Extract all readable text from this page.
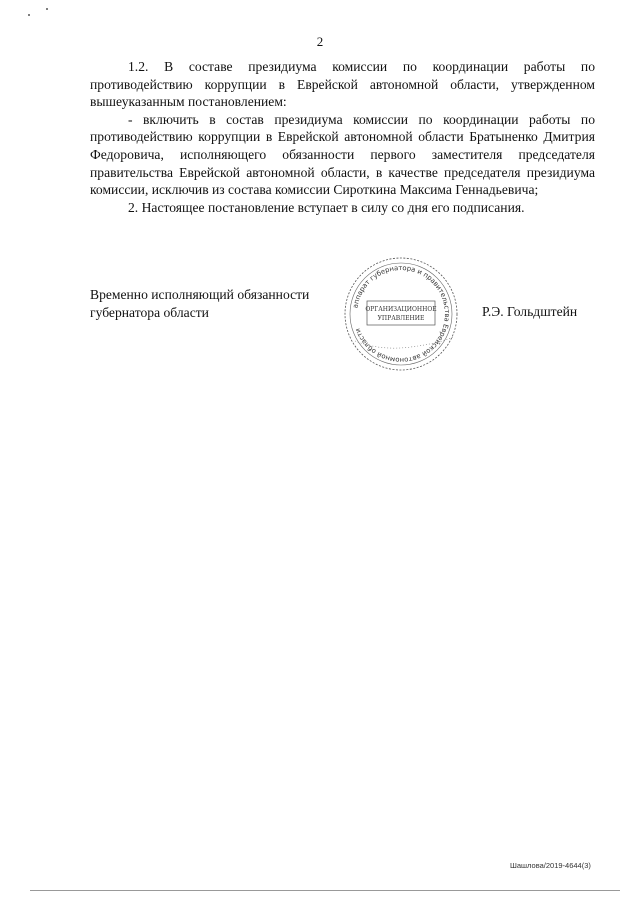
2

1.2. В составе президиума комиссии по координации работы по противодействию коррупции в Еврейской автономной области, утвержденном вышеуказанным постановлением:

- включить в состав президиума комиссии по координации работы по противодействию коррупции в Еврейской автономной области Братыненко Дмитрия Федоровича, исполняющего обязанности первого заместителя председателя правительства Еврейской автономной области, в качестве председателя президиума комиссии, исключив из состава комиссии Сироткина Максима Геннадьевича;

2. Настоящее постановление вступает в силу со дня его подписания.

Временно исполняющий обязанности
губернатора области	аппарат губернатора и правительства Еврейской автономной области
ОРГАНИЗАЦИОННОЕ
УПРАВЛЕНИЕ	Р.Э. Гольдштейн
Шашлова/2019-4644(3)
